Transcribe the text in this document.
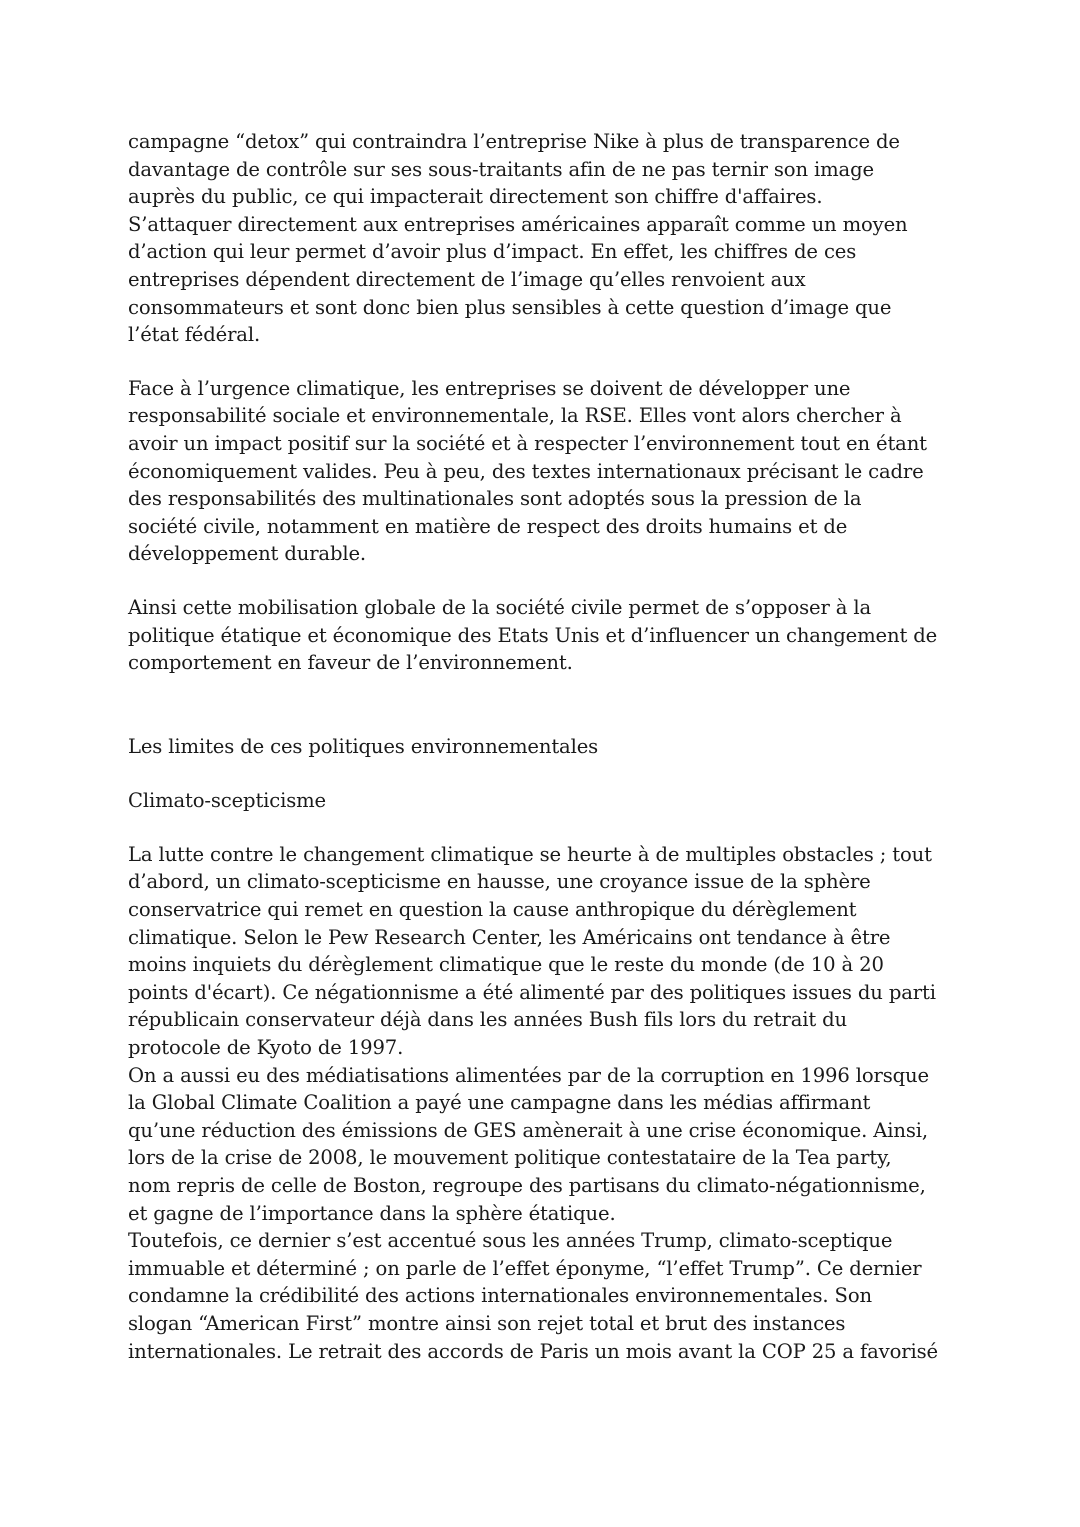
campagne “detox” qui contraindra l’entreprise Nike à plus de transparence de
davantage de contrôle sur ses sous-traitants afin de ne pas ternir son image
auprès du public, ce qui impacterait directement son chiffre d'affaires.
S’attaquer directement aux entreprises américaines apparaît comme un moyen
d’action qui leur permet d’avoir plus d’impact. En effet, les chiffres de ces
entreprises dépendent directement de l’image qu’elles renvoient aux
consommateurs et sont donc bien plus sensibles à cette question d’image que
l’état fédéral.

Face à l’urgence climatique, les entreprises se doivent de développer une
responsabilité sociale et environnementale, la RSE. Elles vont alors chercher à
avoir un impact positif sur la société et à respecter l’environnement tout en étant
économiquement valides. Peu à peu, des textes internationaux précisant le cadre
des responsabilités des multinationales sont adoptés sous la pression de la
société civile, notamment en matière de respect des droits humains et de
développement durable.

Ainsi cette mobilisation globale de la société civile permet de s’opposer à la
politique étatique et économique des Etats Unis et d’influencer un changement de
comportement en faveur de l’environnement.

Les limites de ces politiques environnementales
Climato-scepticisme

La lutte contre le changement climatique se heurte à de multiples obstacles ; tout
d’abord, un climato-scepticisme en hausse, une croyance issue de la sphère
conservatrice qui remet en question la cause anthropique du dérèglement
climatique. Selon le Pew Research Center, les Américains ont tendance à être
moins inquiets du dérèglement climatique que le reste du monde (de 10 à 20
points d'écart). Ce négationnisme a été alimenté par des politiques issues du parti
républicain conservateur déjà dans les années Bush fils lors du retrait du
protocole de Kyoto de 1997.
On a aussi eu des médiatisations alimentées par de la corruption en 1996 lorsque
la Global Climate Coalition a payé une campagne dans les médias affirmant
qu’une réduction des émissions de GES amènerait à une crise économique. Ainsi,
lors de la crise de 2008, le mouvement politique contestataire de la Tea party,
nom repris de celle de Boston, regroupe des partisans du climato-négationnisme,
et gagne de l’importance dans la sphère étatique.
Toutefois, ce dernier s’est accentué sous les années Trump, climato-sceptique
immuable et déterminé ; on parle de l’effet éponyme, “l’effet Trump”. Ce dernier
condamne la crédibilité des actions internationales environnementales. Son
slogan “American First” montre ainsi son rejet total et brut des instances
internationales. Le retrait des accords de Paris un mois avant la COP 25 a favorisé
